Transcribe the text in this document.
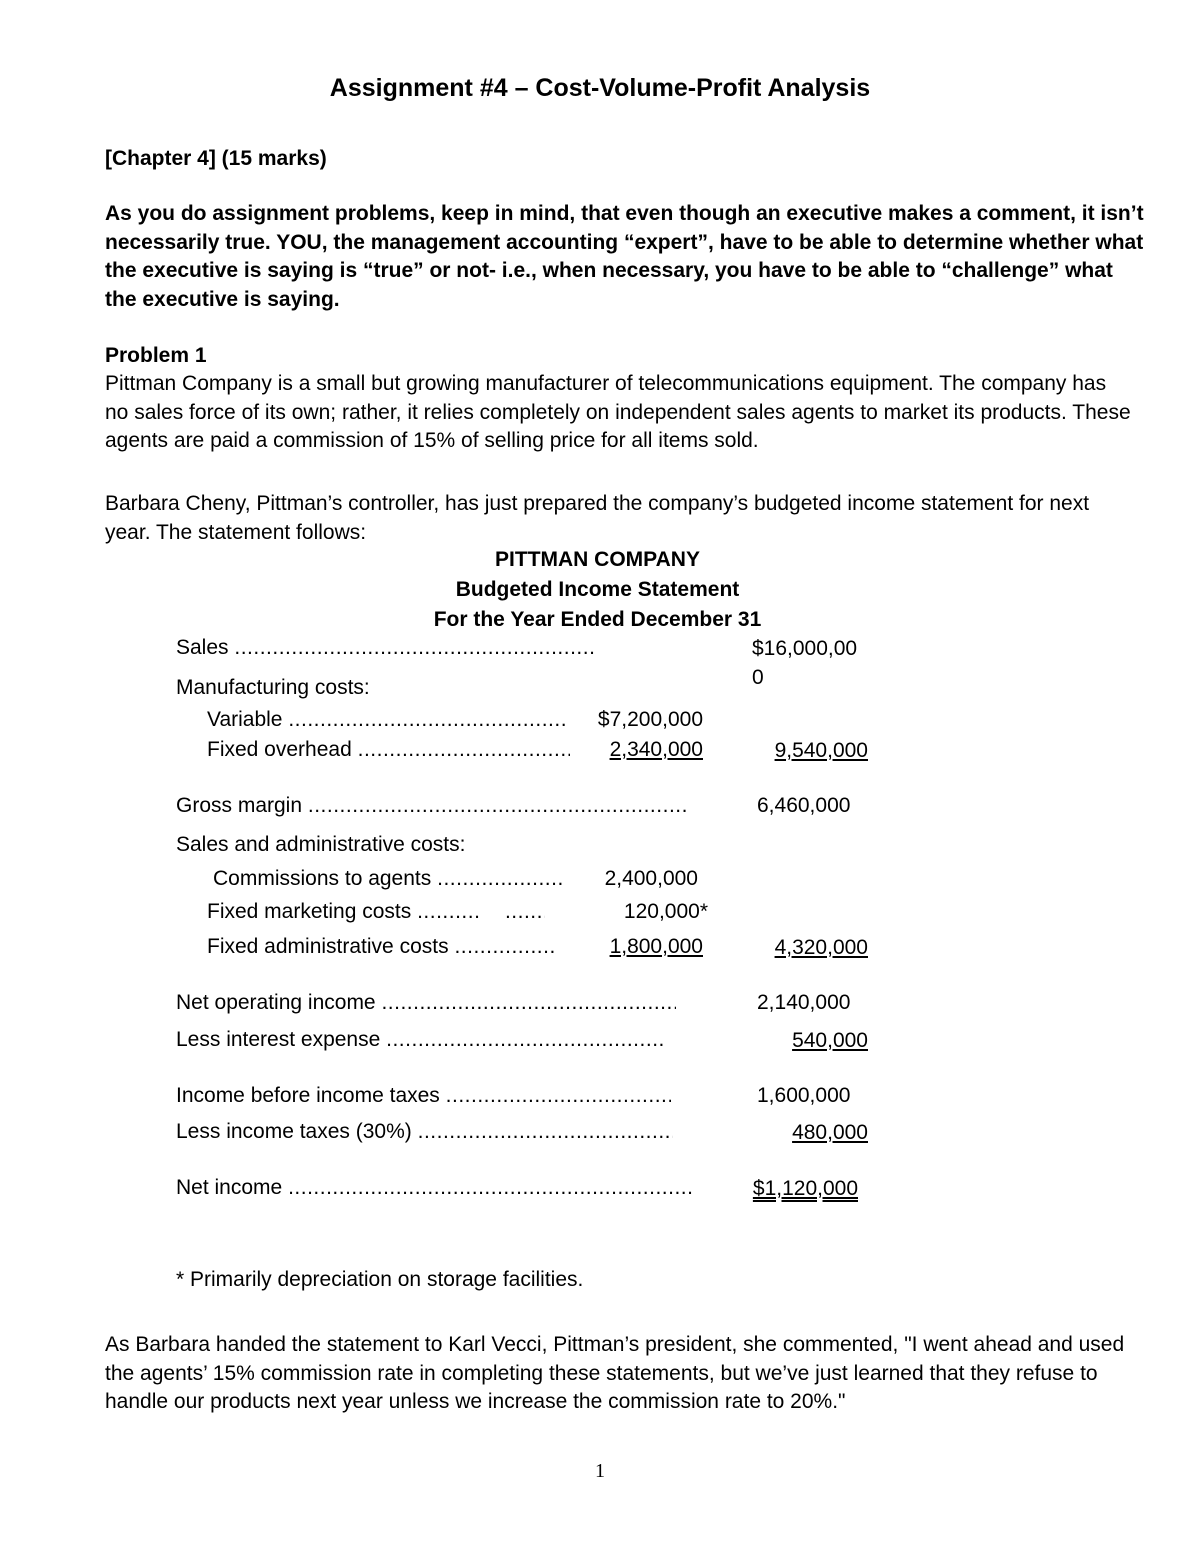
Assignment #4 – Cost-Volume-Profit Analysis
[Chapter 4] (15 marks)
As you do assignment problems, keep in mind, that even though an executive makes a comment, it isn’t necessarily true. YOU, the management accounting “expert”, have to be able to determine whether what the executive is saying is “true” or not- i.e., when necessary, you have to be able to “challenge” what the executive is saying.
Problem 1
Pittman Company is a small but growing manufacturer of telecommunications equipment. The company has no sales force of its own; rather, it relies completely on independent sales agents to market its products. These agents are paid a commission of 15% of selling price for all items sold.
Barbara Cheny, Pittman’s controller, has just prepared the company’s budgeted income statement for next year. The statement follows:
PITTMAN COMPANY
Budgeted Income Statement
For the Year Ended December 31
Sales .....	$16,000,000
Manufacturing costs:
Variable .....	$7,200,000
Fixed overhead .....	2,340,000	9,540,000
Gross margin .....	6,460,000
Sales and administrative costs:
Commissions to agents .....	2,400,000
Fixed marketing costs ..... .....	120,000*
Fixed administrative costs .....	1,800,000	4,320,000
Net operating income .....	2,140,000
Less interest expense .....	540,000
Income before income taxes .....	1,600,000
Less income taxes (30%) .....	480,000
Net income .....	$1,120,000
* Primarily depreciation on storage facilities.
As Barbara handed the statement to Karl Vecci, Pittman’s president, she commented, "I went ahead and used the agents’ 15% commission rate in completing these statements, but we’ve just learned that they refuse to handle our products next year unless we increase the commission rate to 20%."
1
